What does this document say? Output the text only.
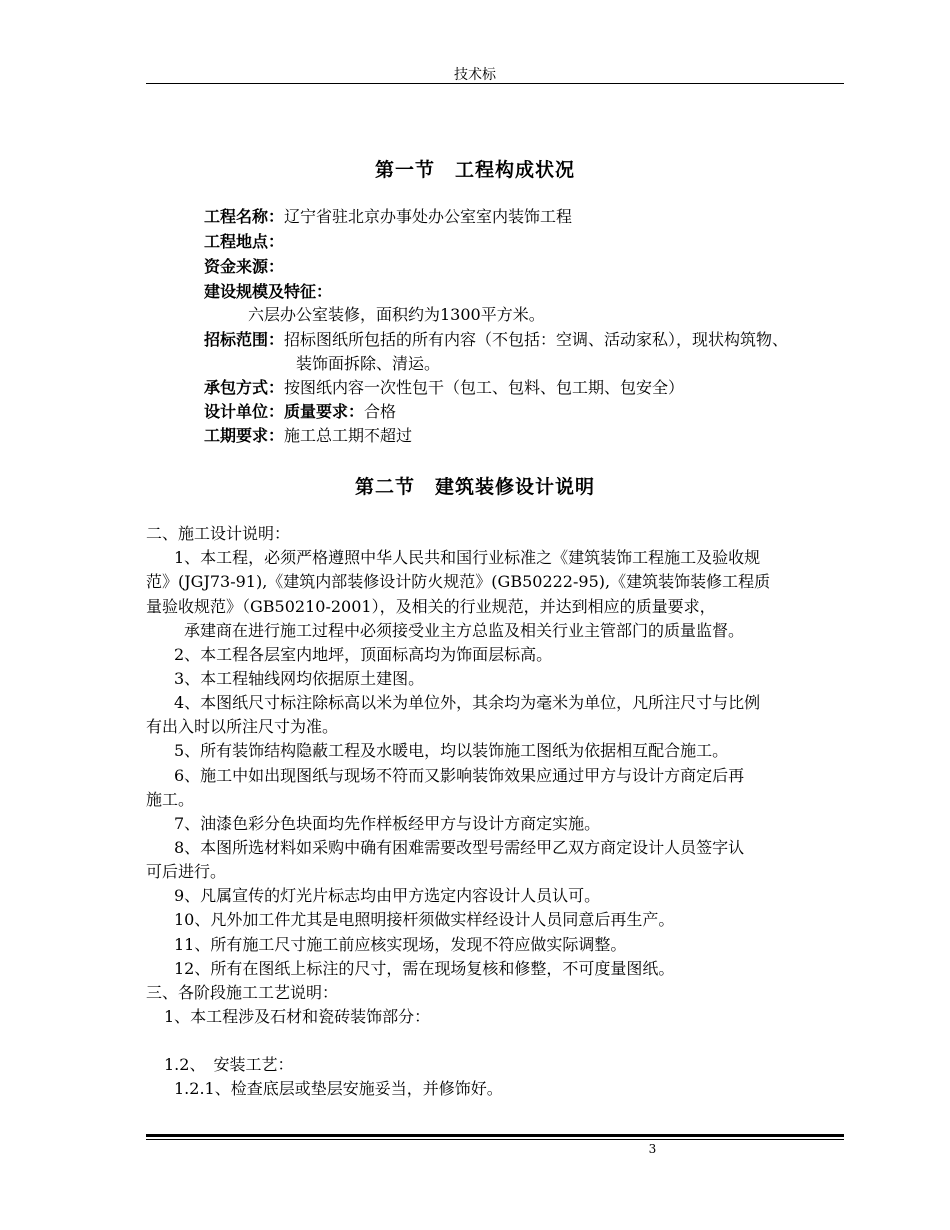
技术标
第一节　工程构成状况
工程名称：辽宁省驻北京办事处办公室室内装饰工程
工程地点：
资金来源：
建设规模及特征：
六层办公室装修，面积约为1300平方米。
招标范围：招标图纸所包括的所有内容（不包括：空调、活动家私），现状构筑物、
装饰面拆除、清运。
承包方式：按图纸内容一次性包干（包工、包料、包工期、包安全）
设计单位：质量要求：合格
工期要求：施工总工期不超过
第二节　建筑装修设计说明
二、施工设计说明：
1、本工程，必须严格遵照中华人民共和国行业标准之《建筑装饰工程施工及验收规
范》(JGJ73-91),《建筑内部装修设计防火规范》(GB50222-95),《建筑装饰装修工程质
量验收规范》（GB50210-2001），及相关的行业规范，并达到相应的质量要求，
承建商在进行施工过程中必须接受业主方总监及相关行业主管部门的质量监督。
2、本工程各层室内地坪，顶面标高均为饰面层标高。
3、本工程轴线网均依据原土建图。
4、本图纸尺寸标注除标高以米为单位外，其余均为毫米为单位，凡所注尺寸与比例
有出入时以所注尺寸为准。
5、所有装饰结构隐蔽工程及水暖电，均以装饰施工图纸为依据相互配合施工。
6、施工中如出现图纸与现场不符而又影响装饰效果应通过甲方与设计方商定后再
施工。
7、油漆色彩分色块面均先作样板经甲方与设计方商定实施。
8、本图所选材料如采购中确有困难需要改型号需经甲乙双方商定设计人员签字认
可后进行。
9、凡属宣传的灯光片标志均由甲方选定内容设计人员认可。
10、凡外加工件尤其是电照明接杆须做实样经设计人员同意后再生产。
11、所有施工尺寸施工前应核实现场，发现不符应做实际调整。
12、所有在图纸上标注的尺寸，需在现场复核和修整，不可度量图纸。
三、各阶段施工工艺说明：
1、本工程涉及石材和瓷砖装饰部分：
1.2、　安装工艺：
1.2.1、检查底层或垫层安施妥当，并修饰好。
3
